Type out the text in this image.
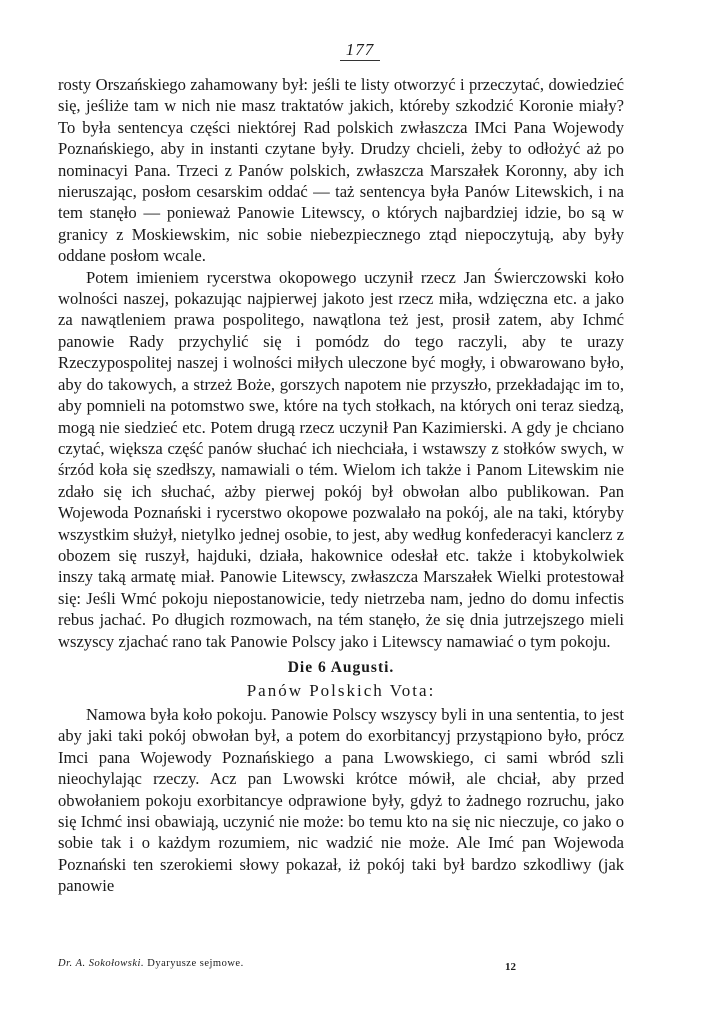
177

rosty Orszańskiego zahamowany był: jeśli te listy otworzyć i przeczytać, dowiedzieć się, jeśliże tam w nich nie masz traktatów jakich, któreby szkodzić Koronie miały? To była sentencya części niektórej Rad polskich zwłaszcza IMci Pana Wojewody Poznańskiego, aby in instanti czytane były. Drudzy chcieli, żeby to odłożyć aż po nominacyi Pana. Trzeci z Panów polskich, zwłaszcza Marszałek Koronny, aby ich nieruszając, posłom cesarskim oddać — taż sentencya była Panów Litewskich, i na tem stanęło — ponieważ Panowie Litewscy, o których najbardziej idzie, bo są w granicy z Moskiewskim, nic sobie niebezpiecznego ztąd niepoczytują, aby były oddane posłom wcale.

Potem imieniem rycerstwa okopowego uczynił rzecz Jan Świerczowski koło wolności naszej, pokazując najpierwej jakoto jest rzecz miła, wdzięczna etc. a jako za nawątleniem prawa pospolitego, nawątlona też jest, prosił zatem, aby Ichmć panowie Rady przychylić się i pomódz do tego raczyli, aby te urazy Rzeczypospolitej naszej i wolności miłych uleczone być mogły, i obwarowano było, aby do takowych, a strzeż Boże, gorszych napotem nie przyszło, przekładając im to, aby pomnieli na potomstwo swe, które na tych stołkach, na których oni teraz siedzą, mogą nie siedzieć etc. Potem drugą rzecz uczynił Pan Kazimierski. A gdy je chciano czytać, większa część panów słuchać ich niechciała, i wstawszy z stołków swych, w śrzód koła się szedłszy, namawiali o tém. Wielom ich także i Panom Litewskim nie zdało się ich słuchać, ażby pierwej pokój był obwołan albo publikowan. Pan Wojewoda Poznański i rycerstwo okopowe pozwalało na pokój, ale na taki, któryby wszystkim służył, nietylko jednej osobie, to jest, aby według konfederacyi kanclerz z obozem się ruszył, hajduki, działa, hakownice odesłał etc. także i ktobykolwiek inszy taką armatę miał. Panowie Litewscy, zwłaszcza Marszałek Wielki protestował się: Jeśli Wmć pokoju niepostanowicie, tedy nietrzeba nam, jedno do domu infectis rebus jachać. Po długich rozmowach, na tém stanęło, że się dnia jutrzejszego mieli wszyscy zjachać rano tak Panowie Polscy jako i Litewscy namawiać o tym pokoju.

Die 6 Augusti.
Panów Polskich Vota:

Namowa była koło pokoju. Panowie Polscy wszyscy byli in una sententia, to jest aby jaki taki pokój obwołan był, a potem do exorbitancyj przystąpiono było, prócz Imci pana Wojewody Poznańskiego a pana Lwowskiego, ci sami wbród szli nieochylając rzeczy. Acz pan Lwowski krótce mówił, ale chciał, aby przed obwołaniem pokoju exorbitancye odprawione były, gdyż to żadnego rozruchu, jako się Ichmć insi obawiają, uczynić nie może: bo temu kto na się nic nieczuje, co jako o sobie tak i o każdym rozumiem, nic wadzić nie może. Ale Imć pan Wojewoda Poznański ten szerokiemi słowy pokazał, iż pokój taki był bardzo szkodliwy (jak panowie

Dr. A. Sokołowski. Dyaryusze sejmowe.	12
